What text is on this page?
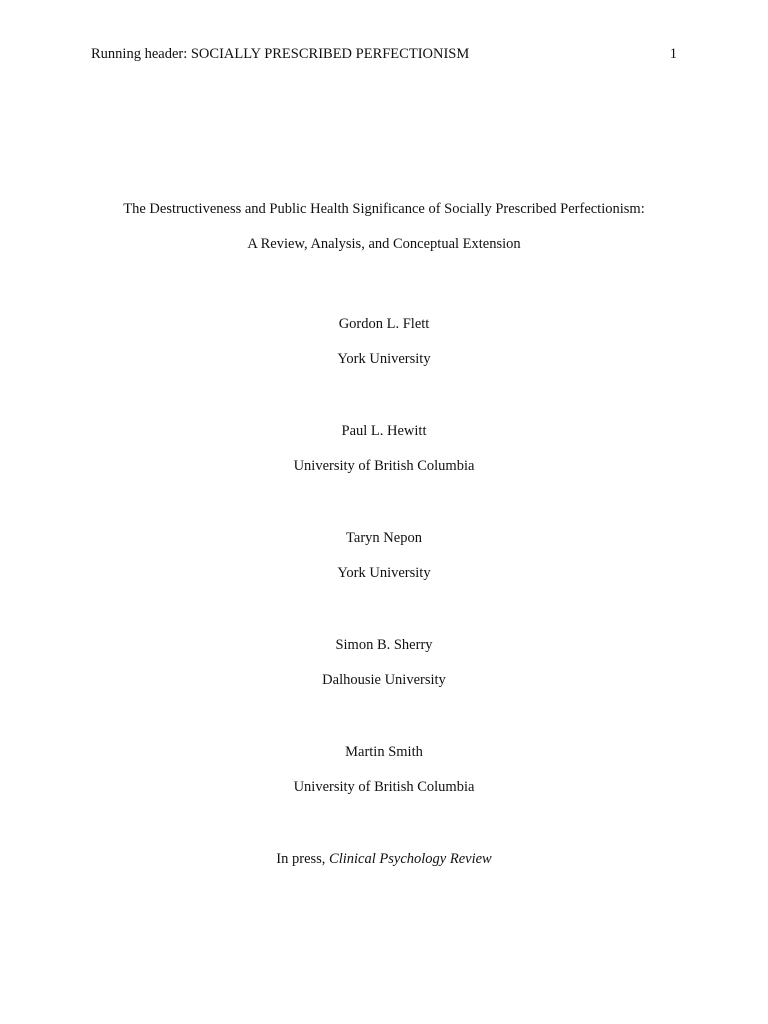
Running header: SOCIALLY PRESCRIBED PERFECTIONISM	1
The Destructiveness and Public Health Significance of Socially Prescribed Perfectionism:
A Review, Analysis, and Conceptual Extension
Gordon L. Flett
York University
Paul L. Hewitt
University of British Columbia
Taryn Nepon
York University
Simon B. Sherry
Dalhousie University
Martin Smith
University of British Columbia
In press, Clinical Psychology Review
